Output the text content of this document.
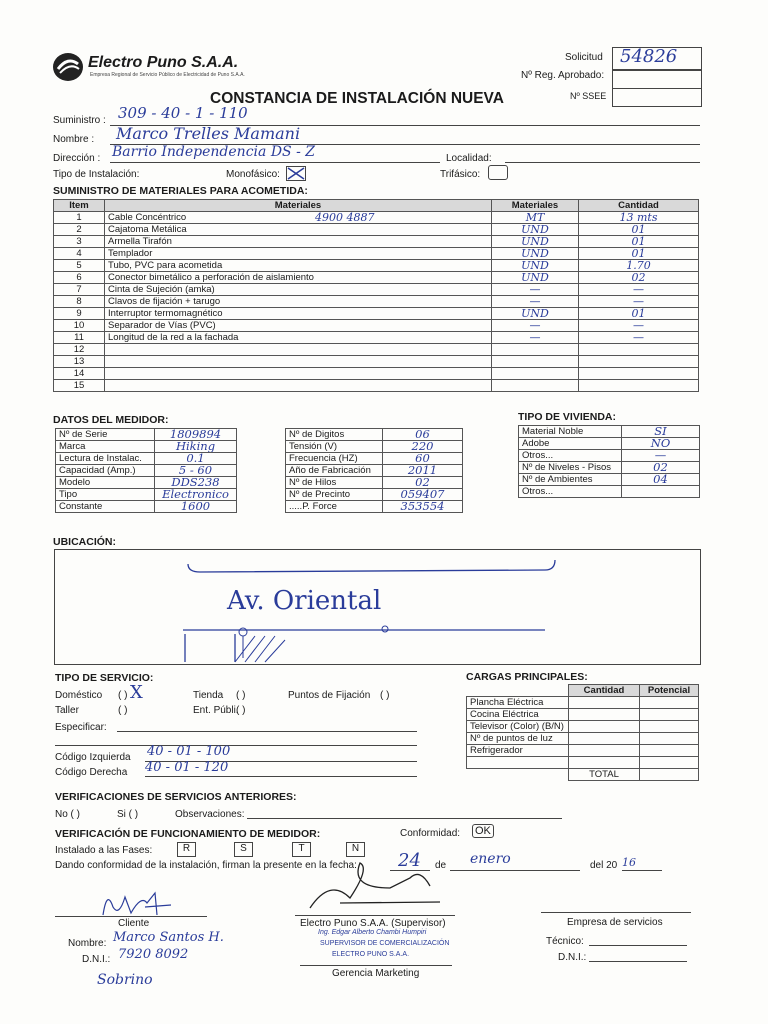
Electro Puno S.A.A.
Empresa Regional de Servicio Público de Electricidad de Puno S.A.A.
Solicitud 54826
Nº Reg. Aprobado:
Nº SSEE
CONSTANCIA DE INSTALACIÓN NUEVA
Suministro : 309 - 40 - 1 - 110
Nombre : Marco Trelles Mamani
Dirección : Barrio Independencia DS - Z	Localidad:
Tipo de Instalación:	Monofásico:	Trifásico:
SUMINISTRO DE MATERIALES PARA ACOMETIDA:
Item	Materiales	Materiales	Cantidad
1	Cable Concéntrico 4900 4887	MT	13 mts
2	Cajatoma Metálica	UND	01
3	Armella Tirafón	UND	01
4	Templador	UND	01
5	Tubo, PVC para acometida	UND	1.70
6	Conector bimetálico a perforación de aislamiento	UND	02
7	Cinta de Sujeción (amka)	—	—
8	Clavos de fijación + tarugo	—	—
9	Interruptor termomagnético	UND	01
10	Separador de Vías (PVC)	—	—
11	Longitud de la red a la fachada	—	—
12	

13	

14	

15	

DATOS DEL MEDIDOR:
Nº de Serie	1809894
Marca	Hiking
Lectura de Instalac.	0.1
Capacidad (Amp.)	5 - 60
Modelo	DDS238
Tipo	Electronico
Constante	1600
Nº de Digitos	06
Tensión (V)	220
Frecuencia (HZ)	60
Año de Fabricación	2011
Nº de Hilos	02
Nº de Precinto	059407
.....P. Force	353554
TIPO DE VIVIENDA:
Material Noble	SI
Adobe	NO
Otros...	—
Nº de Niveles - Pisos	02
Nº de Ambientes	04
Otros...	
UBICACIÓN:
Av. Oriental
TIPO DE SERVICIO:
Doméstico ( ) X
Taller	( )
Tienda ( )
Ent. Públi.
( )
Puntos de Fijación ( )
Especificar:
Código Izquierda 40 - 01 - 100
Código Derecha 40 - 01 - 120
CARGAS PRINCIPALES:
	Cantidad	Potencial
Plancha Eléctrica		
Cocina Eléctrica		
Televisor (Color) (B/N)		
Nº de puntos de luz		
Refrigerador		

	TOTAL	
VERIFICACIONES DE SERVICIOS ANTERIORES:
No ( )	Si ( )	Observaciones:
VERIFICACIÓN DE FUNCIONAMIENTO DE MEDIDOR:	Conformidad: OK
Instalado a las Fases:	R	S	T	N
Dando conformidad de la instalación, firman la presente en la fecha: 24 de enero	del 20 16
Cliente
Nombre: Marco Santos H.
D.N.I.: 7920 8092
Sobrino
Electro Puno S.A.A. (Supervisor)
Ing. Edgar Alberto Chambi Humpiri
SUPERVISOR DE COMERCIALIZACIÓN
ELECTRO PUNO S.A.A.
Gerencia Marketing
Empresa de servicios
Técnico:
D.N.I.:
